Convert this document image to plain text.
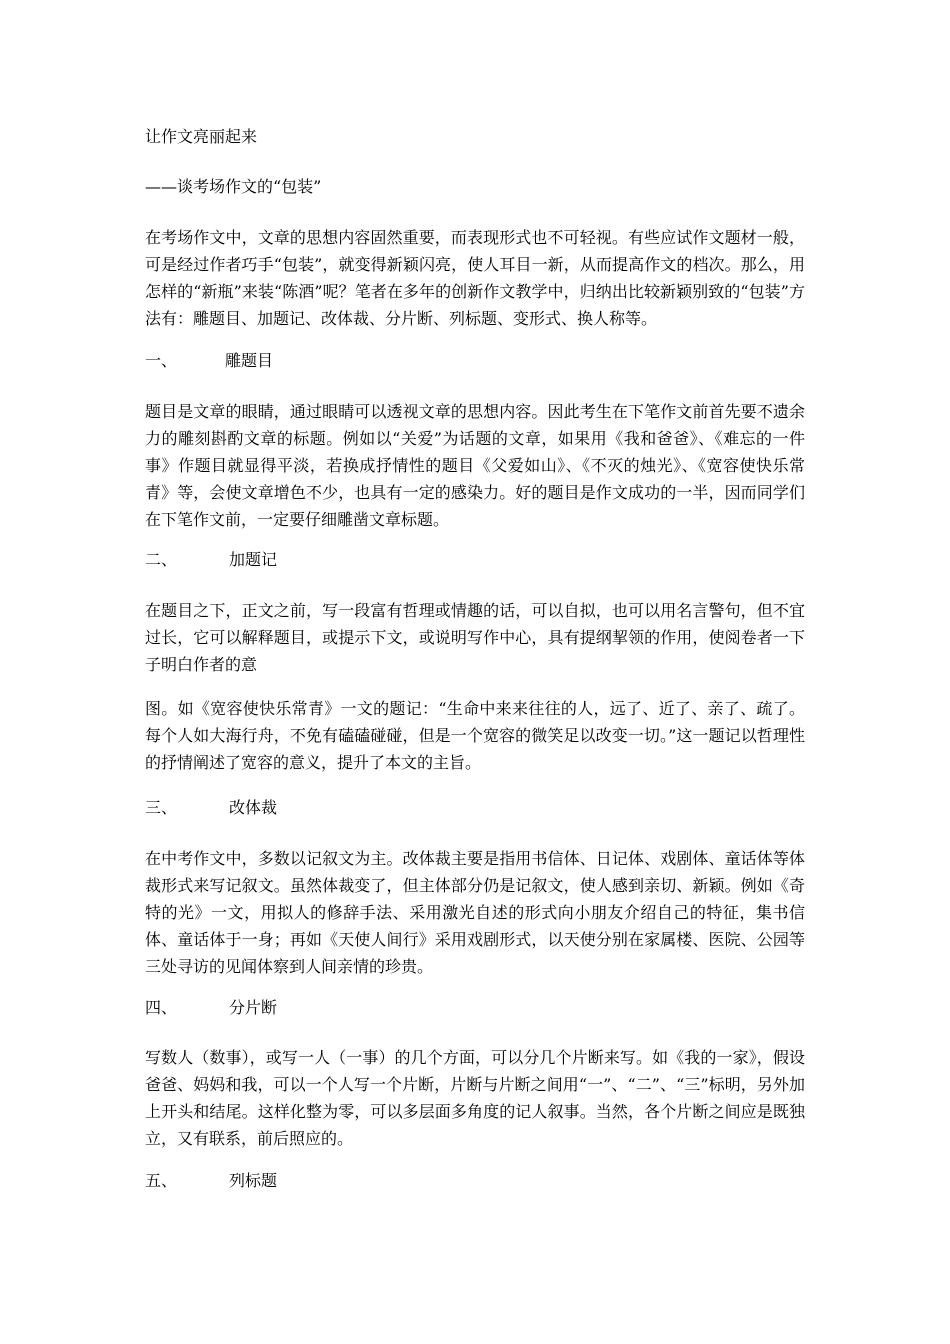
让作文亮丽起来
——谈考场作文的“包装”
在考场作文中，文章的思想内容固然重要，而表现形式也不可轻视。有些应试作文题材一般，可是经过作者巧手“包装”，就变得新颖闪亮，使人耳目一新，从而提高作文的档次。那么，用怎样的“新瓶”来装“陈酒”呢？笔者在多年的创新作文教学中，归纳出比较新颖别致的“包装”方法有：雕题目、加题记、改体裁、分片断、列标题、变形式、换人称等。
一、	雕题目
题目是文章的眼睛，通过眼睛可以透视文章的思想内容。因此考生在下笔作文前首先要不遗余力的雕刻斟酌文章的标题。例如以“关爱”为话题的文章，如果用《我和爸爸》、《难忘的一件事》作题目就显得平淡，若换成抒情性的题目《父爱如山》、《不灭的烛光》、《宽容使快乐常青》等，会使文章增色不少，也具有一定的感染力。好的题目是作文成功的一半，因而同学们在下笔作文前，一定要仔细雕凿文章标题。
二、	加题记
在题目之下，正文之前，写一段富有哲理或情趣的话，可以自拟，也可以用名言警句，但不宜过长，它可以解释题目，或提示下文，或说明写作中心，具有提纲挈领的作用，使阅卷者一下子明白作者的意
图。如《宽容使快乐常青》一文的题记：“生命中来来往往的人，远了、近了、亲了、疏了。每个人如大海行舟，不免有磕磕碰碰，但是一个宽容的微笑足以改变一切。”这一题记以哲理性的抒情阐述了宽容的意义，提升了本文的主旨。
三、	改体裁
在中考作文中，多数以记叙文为主。改体裁主要是指用书信体、日记体、戏剧体、童话体等体裁形式来写记叙文。虽然体裁变了，但主体部分仍是记叙文，使人感到亲切、新颖。例如《奇特的光》一文，用拟人的修辞手法、采用激光自述的形式向小朋友介绍自己的特征，集书信体、童话体于一身；再如《天使人间行》采用戏剧形式，以天使分别在家属楼、医院、公园等三处寻访的见闻体察到人间亲情的珍贵。
四、	分片断
写数人（数事），或写一人（一事）的几个方面，可以分几个片断来写。如《我的一家》，假设爸爸、妈妈和我，可以一个人写一个片断，片断与片断之间用“一”、“二”、“三”标明，另外加上开头和结尾。这样化整为零，可以多层面多角度的记人叙事。当然，各个片断之间应是既独立，又有联系，前后照应的。
五、	列标题
